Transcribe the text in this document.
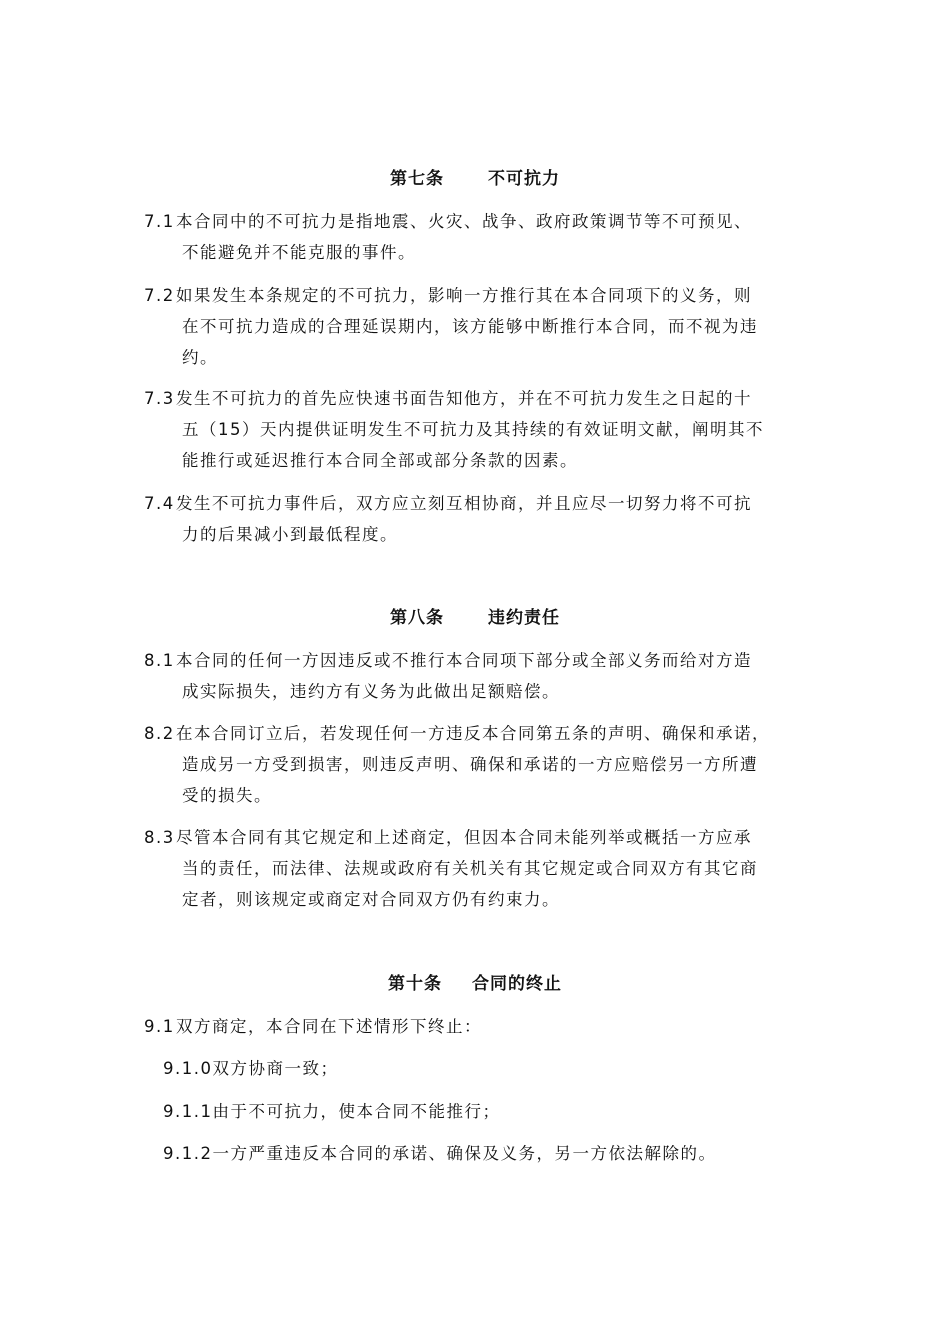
第七条	不可抗力
7.1本合同中的不可抗力是指地震、火灾、战争、政府政策调节等不可预见、
不能避免并不能克服的事件。
7.2如果发生本条规定的不可抗力，影响一方推行其在本合同项下的义务，则
在不可抗力造成的合理延误期内，该方能够中断推行本合同，而不视为违
约。
7.3发生不可抗力的首先应快速书面告知他方，并在不可抗力发生之日起的十
五（15）天内提供证明发生不可抗力及其持续的有效证明文献，阐明其不
能推行或延迟推行本合同全部或部分条款的因素。
7.4发生不可抗力事件后，双方应立刻互相协商，并且应尽一切努力将不可抗
力的后果减小到最低程度。
第八条	违约责任
8.1本合同的任何一方因违反或不推行本合同项下部分或全部义务而给对方造
成实际损失，违约方有义务为此做出足额赔偿。
8.2在本合同订立后，若发现任何一方违反本合同第五条的声明、确保和承诺，
造成另一方受到损害，则违反声明、确保和承诺的一方应赔偿另一方所遭
受的损失。
8.3尽管本合同有其它规定和上述商定，但因本合同未能列举或概括一方应承
当的责任，而法律、法规或政府有关机关有其它规定或合同双方有其它商
定者，则该规定或商定对合同双方仍有约束力。
第十条 合同的终止
9.1双方商定，本合同在下述情形下终止：
9.1.0双方协商一致；
9.1.1由于不可抗力，使本合同不能推行；
9.1.2一方严重违反本合同的承诺、确保及义务，另一方依法解除的。
